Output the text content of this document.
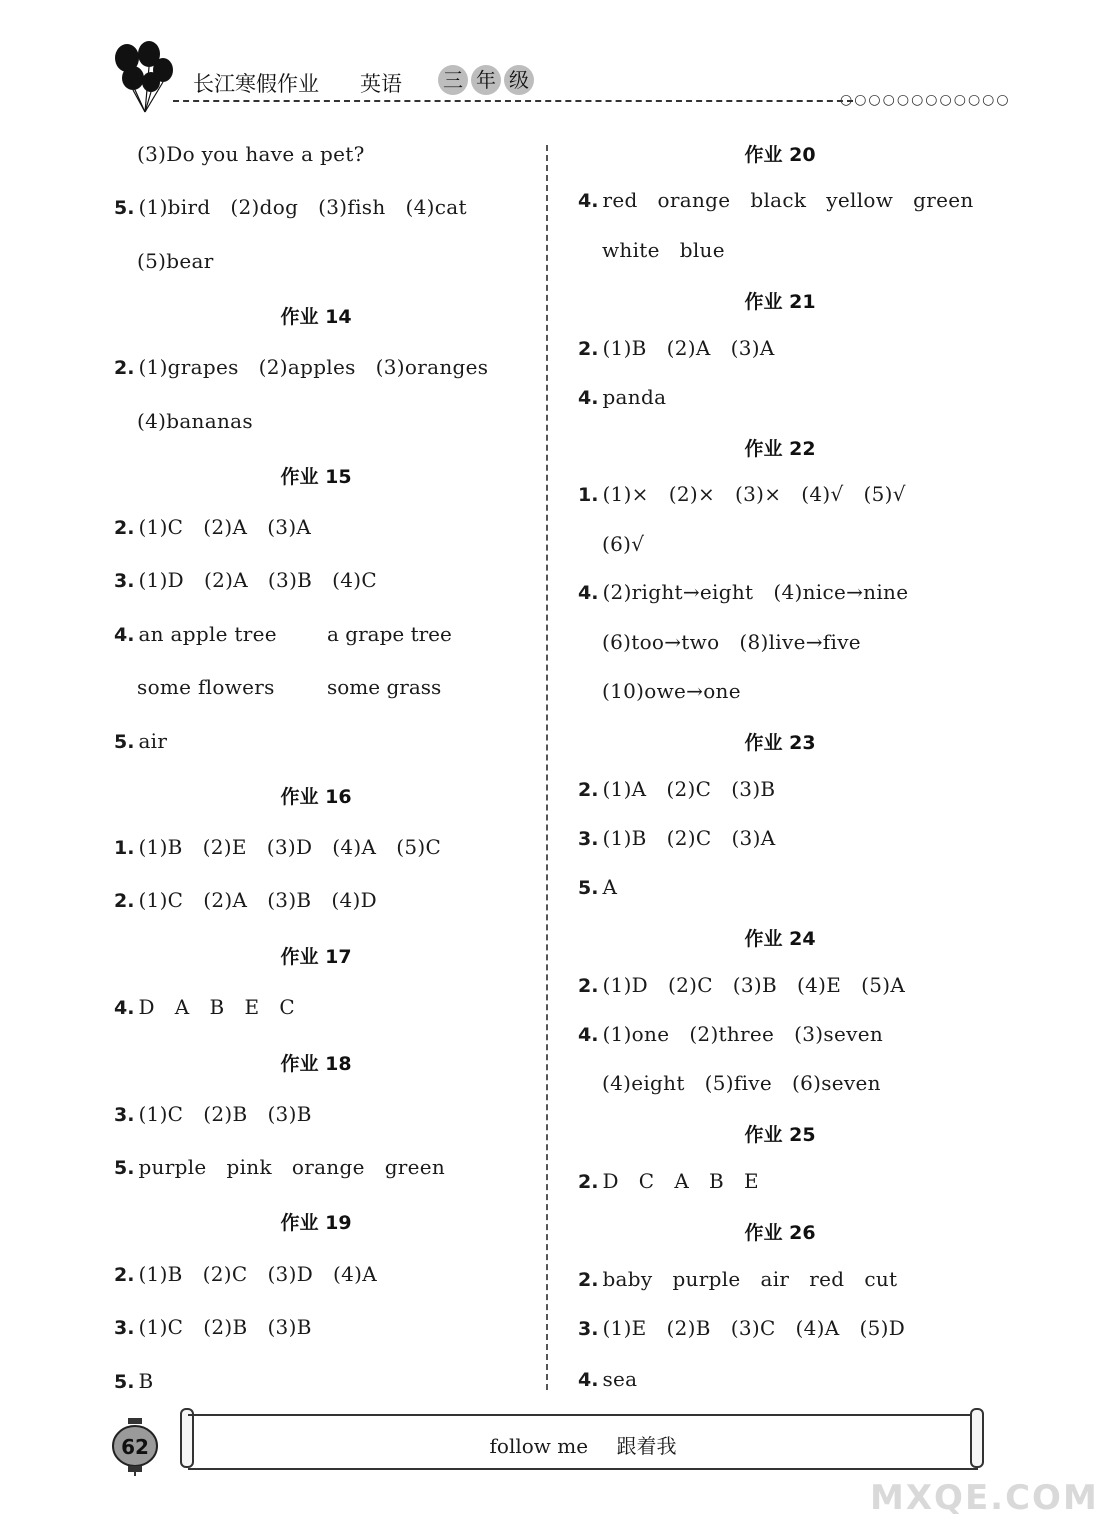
长江寒假作业 英语 三 年 级
○○○○○○○○○○○○
(3)Do you have a pet?
5. (1)bird   (2)dog   (3)fish   (4)cat
(5)bear
作业 14
2. (1)grapes   (2)apples   (3)oranges
(4)bananas
作业 15
2. (1)C   (2)A   (3)A
3. (1)D   (2)A   (3)B   (4)C
4. an apple tree	a grape tree
some flowers	some grass
5. air
作业 16
1. (1)B   (2)E   (3)D   (4)A   (5)C
2. (1)C   (2)A   (3)B   (4)D
作业 17
4. D   A   B   E   C
作业 18
3. (1)C   (2)B   (3)B
5. purple   pink   orange   green
作业 19
2. (1)B   (2)C   (3)D   (4)A
3. (1)C   (2)B   (3)B
5. B
作业 20
4. red   orange   black   yellow   green
white   blue
作业 21
2. (1)B   (2)A   (3)A
4. panda
作业 22
1. (1)×   (2)×   (3)×   (4)√   (5)√
(6)√
4. (2)right→eight   (4)nice→nine
(6)too→two   (8)live→five
(10)owe→one
作业 23
2. (1)A   (2)C   (3)B
3. (1)B   (2)C   (3)A
5. A
作业 24
2. (1)D   (2)C   (3)B   (4)E   (5)A
4. (1)one   (2)three   (3)seven
(4)eight   (5)five   (6)seven
作业 25
2. D   C   A   B   E
作业 26
2. baby   purple   air   red   cut
3. (1)E   (2)B   (3)C   (4)A   (5)D
4. sea
62	follow me 跟着我
MXQE.COM
